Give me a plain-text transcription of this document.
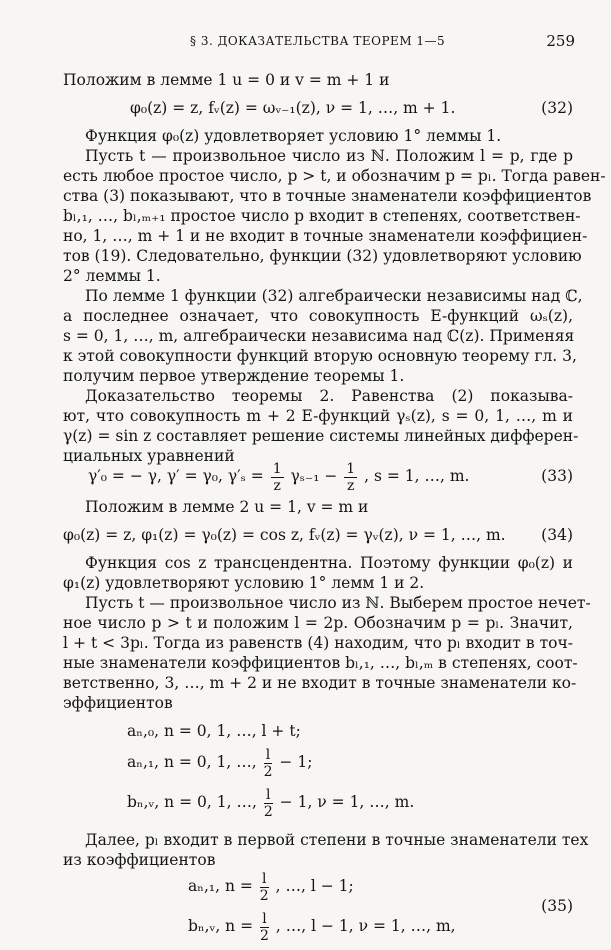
§ 3. ДОКАЗАТЕЛЬСТВА ТЕОРЕМ 1—5	259
Положим в лемме 1 u = 0 и v = m + 1 и
φ₀(z) = z, fᵥ(z) = ωᵥ₋₁(z), ν = 1, …, m + 1.	(32)
Функция φ₀(z) удовлетворяет условию 1° леммы 1.
Пусть t — произвольное число из ℕ. Положим l = p, где p
есть любое простое число, p > t, и обозначим p = pₗ. Тогда равен-
ства (3) показывают, что в точные знаменатели коэффициентов
bₗ,₁, …, bₗ,ₘ₊₁ простое число p входит в степенях, соответствен-
но, 1, …, m + 1 и не входит в точные знаменатели коэффициен-
тов (19). Следовательно, функции (32) удовлетворяют условию
2° леммы 1.
По лемме 1 функции (32) алгебраически независимы над ℂ,
а последнее означает, что совокупность E-функций ωₛ(z),
s = 0, 1, …, m, алгебраически независима над ℂ(z). Применяя
к этой совокупности функций вторую основную теорему гл. 3,
получим первое утверждение теоремы 1.
Доказательство теоремы 2. Равенства (2) показыва-
ют, что совокупность m + 2 E-функций γₛ(z), s = 0, 1, …, m и
γ(z) = sin z составляет решение системы линейных дифферен-
циальных уравнений
γ′₀ = − γ, γ′ = γ₀, $\gamma'_s = \frac{1}{z} \gamma_{s-1} - \frac{1}{z}$ , s = 1, …, m.	(33)
Положим в лемме 2 u = 1, v = m и
φ₀(z) = z, φ₁(z) = γ₀(z) = cos z, fᵥ(z) = γᵥ(z), ν = 1, …, m. (34)
Функция cos z трансцендентна. Поэтому функции φ₀(z) и
φ₁(z) удовлетворяют условию 1° лемм 1 и 2.
Пусть t — произвольное число из ℕ. Выберем простое нечет-
ное число p > t и положим l = 2p. Обозначим p = pₗ. Значит,
l + t < 3pₗ. Тогда из равенств (4) находим, что pₗ входит в точ-
ные знаменатели коэффициентов bₗ,₁, …, bₗ,ₘ в степенях, соот-
ветственно, 3, …, m + 2 и не входит в точные знаменатели ко-
эффициентов
aₙ,₀, n = 0, 1, …, l + t;
aₙ,₁, n = 0, 1, …, $\frac{l}{2} - 1$;
bₙ,ᵥ, n = 0, 1, …, $\frac{l}{2} - 1$, ν = 1, …, m.
Далее, pₗ входит в первой степени в точные знаменатели тех
из коэффициентов
aₙ,₁, $n = \frac{l}{2}$ , …, l − 1;
bₙ,ᵥ, $n = \frac{l}{2}$ , …, l − 1, ν = 1, …, m,
(35)
